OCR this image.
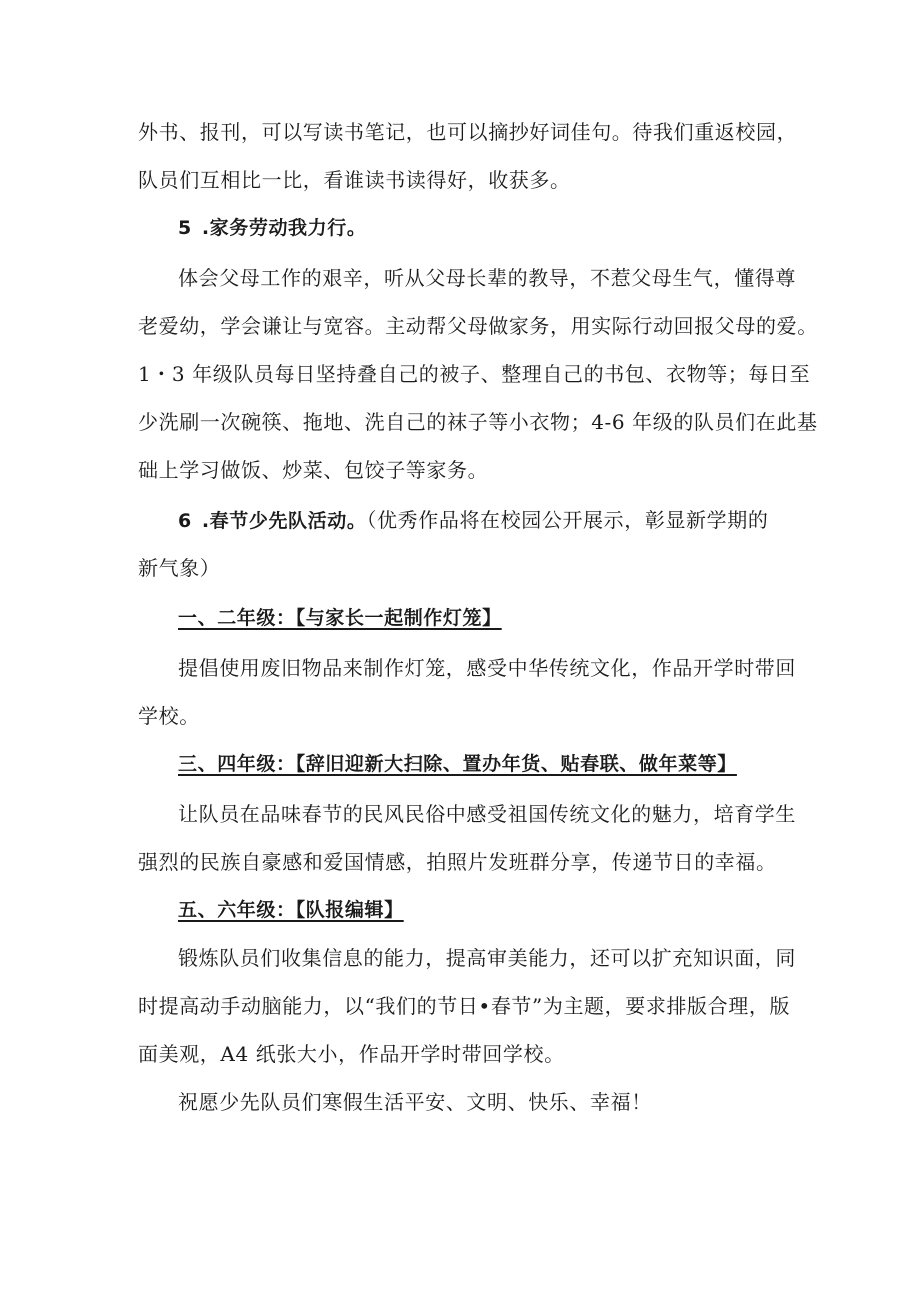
外书、报刊，可以写读书笔记，也可以摘抄好词佳句。待我们重返校园，
队员们互相比一比，看谁读书读得好，收获多。
5 .家务劳动我力行。
体会父母工作的艰辛，听从父母长辈的教导，不惹父母生气，懂得尊
老爱幼，学会谦让与宽容。主动帮父母做家务，用实际行动回报父母的爱。
1・3 年级队员每日坚持叠自己的被子、整理自己的书包、衣物等；每日至
少洗刷一次碗筷、拖地、洗自己的袜子等小衣物；4-6 年级的队员们在此基
础上学习做饭、炒菜、包饺子等家务。
6 .春节少先队活动。（优秀作品将在校园公开展示，彰显新学期的
新气象）
一、二年级：【与家长一起制作灯笼】
提倡使用废旧物品来制作灯笼，感受中华传统文化，作品开学时带回
学校。
三、四年级：【辞旧迎新大扫除、置办年货、贴春联、做年菜等】
让队员在品味春节的民风民俗中感受祖国传统文化的魅力，培育学生
强烈的民族自豪感和爱国情感，拍照片发班群分享，传递节日的幸福。
五、六年级：【队报编辑】
锻炼队员们收集信息的能力，提高审美能力，还可以扩充知识面，同
时提高动手动脑能力，以“我们的节日•春节”为主题，要求排版合理，版
面美观，A4 纸张大小，作品开学时带回学校。
祝愿少先队员们寒假生活平安、文明、快乐、幸福！
